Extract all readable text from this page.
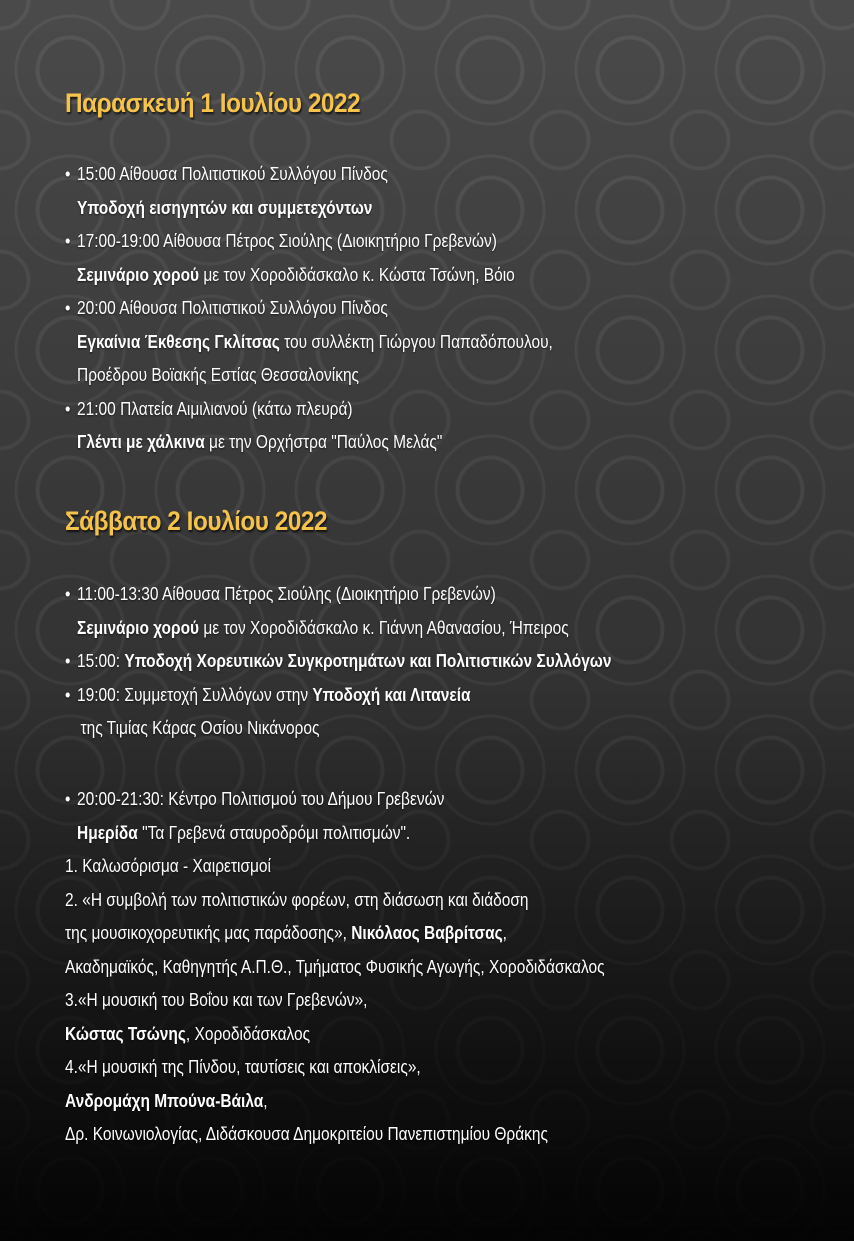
Παρασκευή 1 Ιουλίου 2022
• 15:00 Αίθουσα Πολιτιστικού Συλλόγου Πίνδος
Υποδοχή εισηγητών και συμμετεχόντων
• 17:00-19:00 Αίθουσα Πέτρος Σιούλης (Διοικητήριο Γρεβενών)
Σεμινάριο χορού με τον Χοροδιδάσκαλο κ. Κώστα Τσώνη, Βόιο
• 20:00 Αίθουσα Πολιτιστικού Συλλόγου Πίνδος
Εγκαίνια Έκθεσης Γκλίτσας του συλλέκτη Γιώργου Παπαδόπουλου,
Προέδρου Βοϊακής Εστίας Θεσσαλονίκης
• 21:00 Πλατεία Αιμιλιανού (κάτω πλευρά)
Γλέντι με χάλκινα με την Ορχήστρα "Παύλος Μελάς"
Σάββατο 2 Ιουλίου 2022
• 11:00-13:30 Αίθουσα Πέτρος Σιούλης (Διοικητήριο Γρεβενών)
Σεμινάριο χορού με τον Χοροδιδάσκαλο κ. Γιάννη Αθανασίου, Ήπειρος
• 15:00: Υποδοχή Χορευτικών Συγκροτημάτων και Πολιτιστικών Συλλόγων
• 19:00: Συμμετοχή Συλλόγων στην Υποδοχή και Λιτανεία
της Τιμίας Κάρας Οσίου Νικάνορος
• 20:00-21:30: Κέντρο Πολιτισμού του Δήμου Γρεβενών
Ημερίδα "Τα Γρεβενά σταυροδρόμι πολιτισμών".
1. Καλωσόρισμα - Χαιρετισμοί
2. «Η συμβολή των πολιτιστικών φορέων, στη διάσωση και διάδοση
της μουσικοχορευτικής μας παράδοσης», Νικόλαος Βαβρίτσας,
Ακαδημαϊκός, Καθηγητής Α.Π.Θ., Τμήματος Φυσικής Αγωγής, Χοροδιδάσκαλος
3.«Η μουσική του Βοΐου και των Γρεβενών»,
Κώστας Τσώνης, Χοροδιδάσκαλος
4.«Η μουσική της Πίνδου, ταυτίσεις και αποκλίσεις»,
Ανδρομάχη Μπούνα-Βάιλα,
Δρ. Κοινωνιολογίας, Διδάσκουσα Δημοκριτείου Πανεπιστημίου Θράκης
